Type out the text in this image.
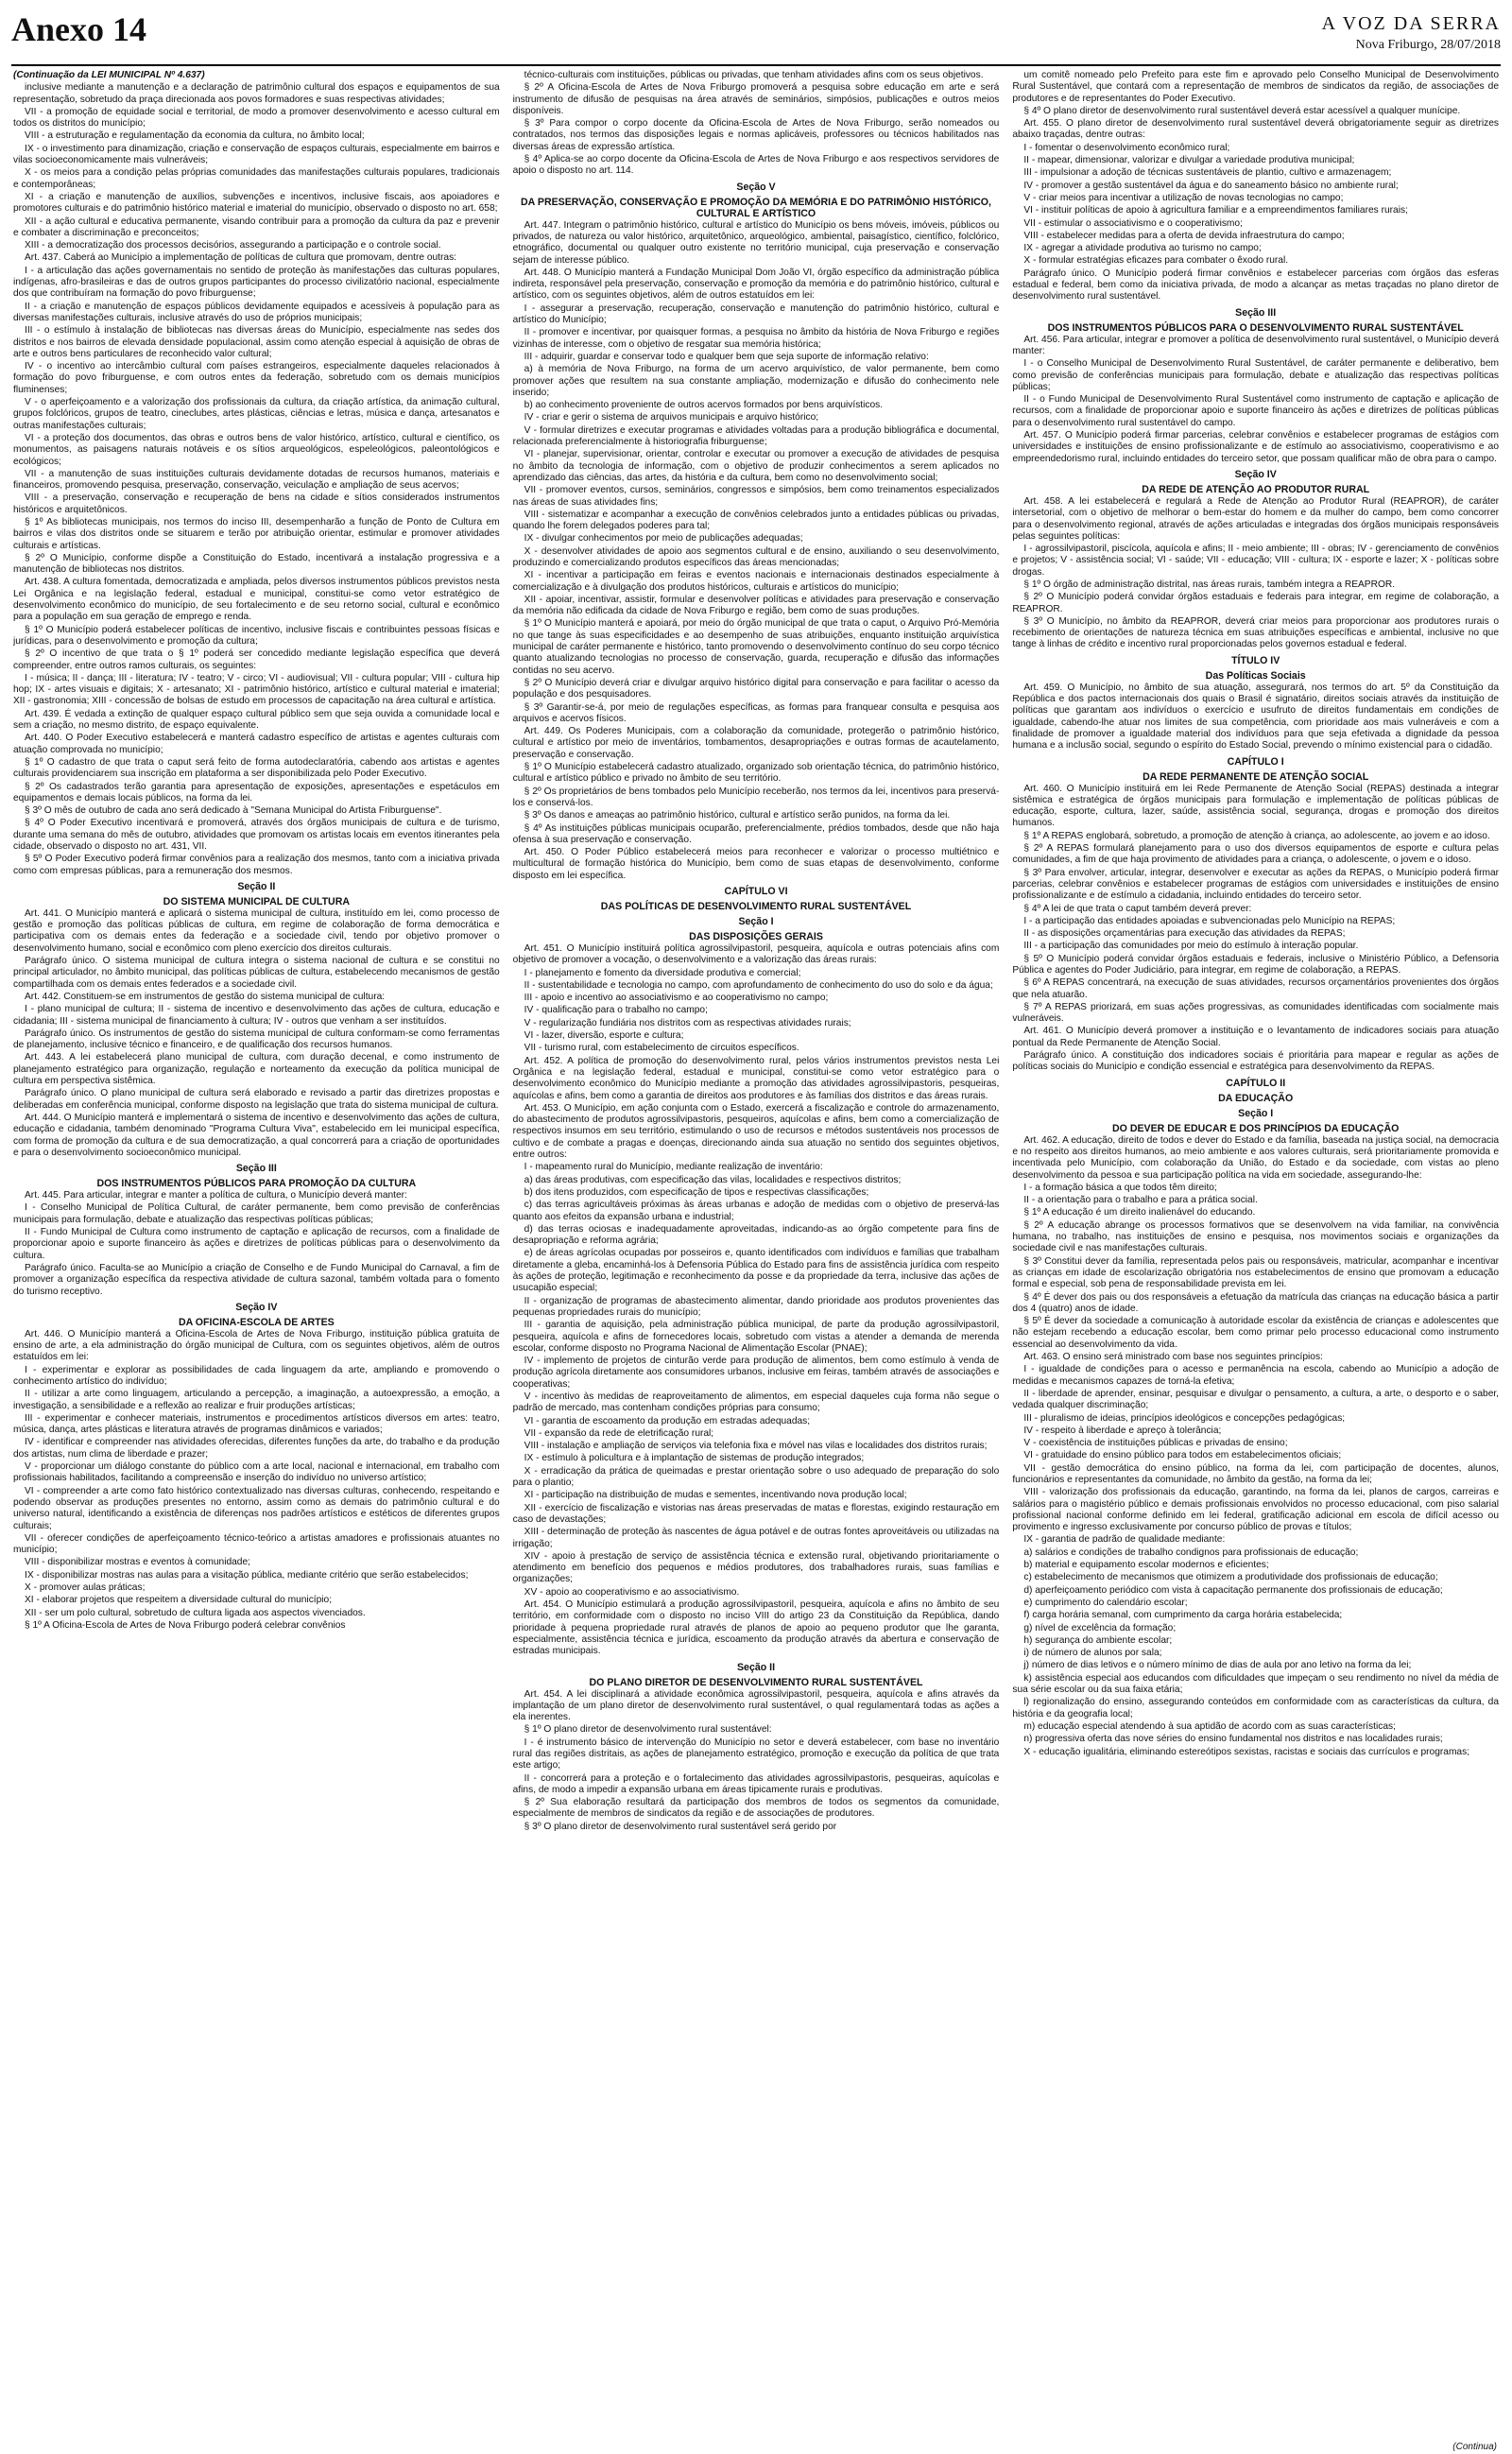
Anexo 14	A VOZ DA SERRA
Nova Friburgo, 28/07/2018

(Continuação da LEI MUNICIPAL Nº 4.637)

inclusive mediante a manutenção e a declaração de patrimônio cultural dos espaços e equipamentos de sua representação, sobretudo da praça direcionada aos povos formadores e suas respectivas atividades;

VII - a promoção de equidade social e territorial, de modo a promover desenvolvimento e acesso cultural em todos os distritos do município;

VIII - a estruturação e regulamentação da economia da cultura, no âmbito local;

IX - o investimento para dinamização, criação e conservação de espaços culturais, especialmente em bairros e vilas socioeconomicamente mais vulneráveis;

X - os meios para a condição pelas próprias comunidades das manifestações culturais populares, tradicionais e contemporâneas;

XI - a criação e manutenção de auxílios, subvenções e incentivos, inclusive fiscais, aos apoiadores e promotores culturais e do patrimônio histórico material e imaterial do município, observado o disposto no art. 658;

XII - a ação cultural e educativa permanente, visando contribuir para a promoção da cultura da paz e prevenir e combater a discriminação e preconceitos;

XIII - a democratização dos processos decisórios, assegurando a participação e o controle social.

Art. 437. Caberá ao Município a implementação de políticas de cultura que promovam, dentre outras:

I - a articulação das ações governamentais no sentido de proteção às manifestações das culturas populares, indígenas, afro-brasileiras e das de outros grupos participantes do processo civilizatório nacional, especialmente dos que contribuíram na formação do povo friburguense;

II - a criação e manutenção de espaços públicos devidamente equipados e acessíveis à população para as diversas manifestações culturais, inclusive através do uso de próprios municipais;

III - o estímulo à instalação de bibliotecas nas diversas áreas do Município, especialmente nas sedes dos distritos e nos bairros de elevada densidade populacional, assim como atenção especial à aquisição de obras de arte e outros bens particulares de reconhecido valor cultural;

IV - o incentivo ao intercâmbio cultural com países estrangeiros, especialmente daqueles relacionados à formação do povo friburguense, e com outros entes da federação, sobretudo com os demais municípios fluminenses;

V - o aperfeiçoamento e a valorização dos profissionais da cultura, da criação artística, da animação cultural, grupos folclóricos, grupos de teatro, cineclubes, artes plásticas, ciências e letras, música e dança, artesanatos e outras manifestações culturais;

VI - a proteção dos documentos, das obras e outros bens de valor histórico, artístico, cultural e científico, os monumentos, as paisagens naturais notáveis e os sítios arqueológicos, espeleológicos, paleontológicos e ecológicos;

VII - a manutenção de suas instituições culturais devidamente dotadas de recursos humanos, materiais e financeiros, promovendo pesquisa, preservação, conservação, veiculação e ampliação de seus acervos;

VIII - a preservação, conservação e recuperação de bens na cidade e sítios considerados instrumentos históricos e arquitetônicos.

§ 1º As bibliotecas municipais, nos termos do inciso III, desempenharão a função de Ponto de Cultura em bairros e vilas dos distritos onde se situarem e terão por atribuição orientar, estimular e promover atividades culturais e artísticas.

§ 2º O Município, conforme dispõe a Constituição do Estado, incentivará a instalação progressiva e a manutenção de bibliotecas nos distritos.

Art. 438. A cultura fomentada, democratizada e ampliada, pelos diversos instrumentos públicos previstos nesta Lei Orgânica e na legislação federal, estadual e municipal, constitui-se como vetor estratégico de desenvolvimento econômico do município, de seu fortalecimento e de seu retorno social, cultural e econômico para a população em sua geração de emprego e renda.

§ 1º O Município poderá estabelecer políticas de incentivo, inclusive fiscais e contribuintes pessoas físicas e jurídicas, para o desenvolvimento e promoção da cultura;

§ 2º O incentivo de que trata o § 1º poderá ser concedido mediante legislação específica que deverá compreender, entre outros ramos culturais, os seguintes:

I - música; II - dança; III - literatura; IV - teatro; V - circo; VI - audiovisual; VII - cultura popular; VIII - cultura hip hop; IX - artes visuais e digitais; X - artesanato; XI - patrimônio histórico, artístico e cultural material e imaterial; XII - gastronomia; XIII - concessão de bolsas de estudo em processos de capacitação na área cultural e artística.

Art. 439. É vedada a extinção de qualquer espaço cultural público sem que seja ouvida a comunidade local e sem a criação, no mesmo distrito, de espaço equivalente.

Art. 440. O Poder Executivo estabelecerá e manterá cadastro específico de artistas e agentes culturais com atuação comprovada no município;

§ 1º O cadastro de que trata o caput será feito de forma autodeclaratória, cabendo aos artistas e agentes culturais providenciarem sua inscrição em plataforma a ser disponibilizada pelo Poder Executivo.

§ 2º Os cadastrados terão garantia para apresentação de exposições, apresentações e espetáculos em equipamentos e demais locais públicos, na forma da lei.

§ 3º O mês de outubro de cada ano será dedicado à "Semana Municipal do Artista Friburguense".

§ 4º O Poder Executivo incentivará e promoverá, através dos órgãos municipais de cultura e de turismo, durante uma semana do mês de outubro, atividades que promovam os artistas locais em eventos itinerantes pela cidade, observado o disposto no art. 431, VII.

§ 5º O Poder Executivo poderá firmar convênios para a realização dos mesmos, tanto com a iniciativa privada como com empresas públicas, para a remuneração dos mesmos.

Seção II
DO SISTEMA MUNICIPAL DE CULTURA

Art. 441. O Município manterá e aplicará o sistema municipal de cultura, instituído em lei, como processo de gestão e promoção das políticas públicas de cultura, em regime de colaboração de forma democrática e participativa com os demais entes da federação e a sociedade civil, tendo por objetivo promover o desenvolvimento humano, social e econômico com pleno exercício dos direitos culturais.

Parágrafo único. O sistema municipal de cultura integra o sistema nacional de cultura e se constitui no principal articulador, no âmbito municipal, das políticas públicas de cultura, estabelecendo mecanismos de gestão compartilhada com os demais entes federados e a sociedade civil.

Art. 442. Constituem-se em instrumentos de gestão do sistema municipal de cultura:

I - plano municipal de cultura; II - sistema de incentivo e desenvolvimento das ações de cultura, educação e cidadania; III - sistema municipal de financiamento à cultura; IV - outros que venham a ser instituídos.

Parágrafo único. Os instrumentos de gestão do sistema municipal de cultura conformam-se como ferramentas de planejamento, inclusive técnico e financeiro, e de qualificação dos recursos humanos.

Art. 443. A lei estabelecerá plano municipal de cultura, com duração decenal, e como instrumento de planejamento estratégico para organização, regulação e norteamento da execução da política municipal de cultura em perspectiva sistêmica.

Parágrafo único. O plano municipal de cultura será elaborado e revisado a partir das diretrizes propostas e deliberadas em conferência municipal, conforme disposto na legislação que trata do sistema municipal de cultura.

Art. 444. O Município manterá e implementará o sistema de incentivo e desenvolvimento das ações de cultura, educação e cidadania, também denominado "Programa Cultura Viva", estabelecido em lei municipal específica, com forma de promoção da cultura e de sua democratização, a qual concorrerá para a criação de oportunidades e para o desenvolvimento socioeconômico municipal.

Seção III
DOS INSTRUMENTOS PÚBLICOS PARA PROMOÇÃO DA CULTURA

Art. 445. Para articular, integrar e manter a política de cultura, o Município deverá manter:

I - Conselho Municipal de Política Cultural, de caráter permanente, bem como previsão de conferências municipais para formulação, debate e atualização das respectivas políticas públicas;

II - Fundo Municipal de Cultura como instrumento de captação e aplicação de recursos, com a finalidade de proporcionar apoio e suporte financeiro às ações e diretrizes de políticas públicas para o desenvolvimento da cultura.

Parágrafo único. Faculta-se ao Município a criação de Conselho e de Fundo Municipal do Carnaval, a fim de promover a organização específica da respectiva atividade de cultura sazonal, também voltada para o fomento do turismo receptivo.

Seção IV
DA OFICINA-ESCOLA DE ARTES

Art. 446. O Município manterá a Oficina-Escola de Artes de Nova Friburgo, instituição pública gratuita de ensino de arte, a ela administração do órgão municipal de Cultura, com os seguintes objetivos, além de outros estatuídos em lei:

I - experimentar e explorar as possibilidades de cada linguagem da arte, ampliando e promovendo o conhecimento artístico do indivíduo;

II - utilizar a arte como linguagem, articulando a percepção, a imaginação, a autoexpressão, a emoção, a investigação, a sensibilidade e a reflexão ao realizar e fruir produções artísticas;

III - experimentar e conhecer materiais, instrumentos e procedimentos artísticos diversos em artes: teatro, música, dança, artes plásticas e literatura através de programas dinâmicos e variados;

IV - identificar e compreender nas atividades oferecidas, diferentes funções da arte, do trabalho e da produção dos artistas, num clima de liberdade e prazer;

V - proporcionar um diálogo constante do público com a arte local, nacional e internacional, em trabalho com profissionais habilitados, facilitando a compreensão e inserção do indivíduo no universo artístico;

VI - compreender a arte como fato histórico contextualizado nas diversas culturas, conhecendo, respeitando e podendo observar as produções presentes no entorno, assim como as demais do patrimônio cultural e do universo natural, identificando a existência de diferenças nos padrões artísticos e estéticos de diferentes grupos culturais;

VII - oferecer condições de aperfeiçoamento técnico-teórico a artistas amadores e profissionais atuantes no município;

VIII - disponibilizar mostras e eventos à comunidade;

IX - disponibilizar mostras nas aulas para a visitação pública, mediante critério que serão estabelecidos;

X - promover aulas práticas;

XI - elaborar projetos que respeitem a diversidade cultural do município;

XII - ser um polo cultural, sobretudo de cultura ligada aos aspectos vivenciados.

§ 1º A Oficina-Escola de Artes de Nova Friburgo poderá celebrar convênios

técnico-culturais com instituições, públicas ou privadas, que tenham atividades afins com os seus objetivos.

§ 2º A Oficina-Escola de Artes de Nova Friburgo promoverá a pesquisa sobre educação em arte e será instrumento de difusão de pesquisas na área através de seminários, simpósios, publicações e outros meios disponíveis.

§ 3º Para compor o corpo docente da Oficina-Escola de Artes de Nova Friburgo, serão nomeados ou contratados, nos termos das disposições legais e normas aplicáveis, professores ou técnicos habilitados nas diversas áreas de expressão artística.

§ 4º Aplica-se ao corpo docente da Oficina-Escola de Artes de Nova Friburgo e aos respectivos servidores de apoio o disposto no art. 114.

Seção V
DA PRESERVAÇÃO, CONSERVAÇÃO E PROMOÇÃO DA MEMÓRIA E DO PATRIMÔNIO HISTÓRICO, CULTURAL E ARTÍSTICO

Art. 447. Integram o patrimônio histórico, cultural e artístico do Município os bens móveis, imóveis, públicos ou privados, de natureza ou valor histórico, arquitetônico, arqueológico, ambiental, paisagístico, científico, folclórico, etnográfico, documental ou qualquer outro existente no território municipal, cuja preservação e conservação sejam de interesse público.

Art. 448. O Município manterá a Fundação Municipal Dom João VI, órgão específico da administração pública indireta, responsável pela preservação, conservação e promoção da memória e do patrimônio histórico, cultural e artístico, com os seguintes objetivos, além de outros estatuídos em lei:

I - assegurar a preservação, recuperação, conservação e manutenção do patrimônio histórico, cultural e artístico do Município;

II - promover e incentivar, por quaisquer formas, a pesquisa no âmbito da história de Nova Friburgo e regiões vizinhas de interesse, com o objetivo de resgatar sua memória histórica;

III - adquirir, guardar e conservar todo e qualquer bem que seja suporte de informação relativo:

a) à memória de Nova Friburgo, na forma de um acervo arquivístico, de valor permanente, bem como promover ações que resultem na sua constante ampliação, modernização e difusão do conhecimento nele inserido;

b) ao conhecimento proveniente de outros acervos formados por bens arquivísticos.

IV - criar e gerir o sistema de arquivos municipais e arquivo histórico;

V - formular diretrizes e executar programas e atividades voltadas para a produção bibliográfica e documental, relacionada preferencialmente à historiografia friburguense;

VI - planejar, supervisionar, orientar, controlar e executar ou promover a execução de atividades de pesquisa no âmbito da tecnologia de informação, com o objetivo de produzir conhecimentos a serem aplicados no aprendizado das ciências, das artes, da história e da cultura, bem como no desenvolvimento social;

VII - promover eventos, cursos, seminários, congressos e simpósios, bem como treinamentos especializados nas áreas de suas atividades fins;

VIII - sistematizar e acompanhar a execução de convênios celebrados junto a entidades públicas ou privadas, quando lhe forem delegados poderes para tal;

IX - divulgar conhecimentos por meio de publicações adequadas;

X - desenvolver atividades de apoio aos segmentos cultural e de ensino, auxiliando o seu desenvolvimento, produzindo e comercializando produtos específicos das áreas mencionadas;

XI - incentivar a participação em feiras e eventos nacionais e internacionais destinados especialmente à comercialização e à divulgação dos produtos históricos, culturais e artísticos do município;

XII - apoiar, incentivar, assistir, formular e desenvolver políticas e atividades para preservação e conservação da memória não edificada da cidade de Nova Friburgo e região, bem como de suas produções.

§ 1º O Município manterá e apoiará, por meio do órgão municipal de que trata o caput, o Arquivo Pró-Memória no que tange às suas especificidades e ao desempenho de suas atribuições, enquanto instituição arquivística municipal de caráter permanente e histórico, tanto promovendo o desenvolvimento contínuo do seu corpo técnico quanto atualizando tecnologias no processo de conservação, guarda, recuperação e difusão das informações contidas no seu acervo.

§ 2º O Município deverá criar e divulgar arquivo histórico digital para conservação e para facilitar o acesso da população e dos pesquisadores.

§ 3º Garantir-se-á, por meio de regulações específicas, as formas para franquear consulta e pesquisa aos arquivos e acervos físicos.

Art. 449. Os Poderes Municipais, com a colaboração da comunidade, protegerão o patrimônio histórico, cultural e artístico por meio de inventários, tombamentos, desapropriações e outras formas de acautelamento, preservação e conservação.

§ 1º O Município estabelecerá cadastro atualizado, organizado sob orientação técnica, do patrimônio histórico, cultural e artístico público e privado no âmbito de seu território.

§ 2º Os proprietários de bens tombados pelo Município receberão, nos termos da lei, incentivos para preservá-los e conservá-los.

§ 3º Os danos e ameaças ao patrimônio histórico, cultural e artístico serão punidos, na forma da lei.

§ 4º As instituições públicas municipais ocuparão, preferencialmente, prédios tombados, desde que não haja ofensa à sua preservação e conservação.

Art. 450. O Poder Público estabelecerá meios para reconhecer e valorizar o processo multiétnico e multicultural de formação histórica do Município, bem como de suas etapas de desenvolvimento, conforme disposto em lei específica.

CAPÍTULO VI
DAS POLÍTICAS DE DESENVOLVIMENTO RURAL SUSTENTÁVEL
Seção I
DAS DISPOSIÇÕES GERAIS

Art. 451. O Município instituirá política agrossilvipastoril, pesqueira, aquícola e outras potenciais afins com objetivo de promover a vocação, o desenvolvimento e a valorização das áreas rurais:

I - planejamento e fomento da diversidade produtiva e comercial;

II - sustentabilidade e tecnologia no campo, com aprofundamento de conhecimento do uso do solo e da água;

III - apoio e incentivo ao associativismo e ao cooperativismo no campo;

IV - qualificação para o trabalho no campo;

V - regularização fundiária nos distritos com as respectivas atividades rurais;

VI - lazer, diversão, esporte e cultura;

VII - turismo rural, com estabelecimento de circuitos específicos.

Art. 452. A política de promoção do desenvolvimento rural, pelos vários instrumentos previstos nesta Lei Orgânica e na legislação federal, estadual e municipal, constitui-se como vetor estratégico para o desenvolvimento econômico do Município mediante a promoção das atividades agrossilvipastoris, pesqueiras, aquícolas e afins, bem como a garantia de direitos aos produtores e às famílias dos distritos e das áreas rurais.

Art. 453. O Município, em ação conjunta com o Estado, exercerá a fiscalização e controle do armazenamento, do abastecimento de produtos agrossilvipastoris, pesqueiros, aquícolas e afins, bem como a comercialização de respectivos insumos em seu território, estimulando o uso de recursos e métodos sustentáveis nos processos de cultivo e de combate a pragas e doenças, direcionando ainda sua atuação no sentido dos seguintes objetivos, entre outros:

I - mapeamento rural do Município, mediante realização de inventário:

a) das áreas produtivas, com especificação das vilas, localidades e respectivos distritos;

b) dos itens produzidos, com especificação de tipos e respectivas classificações;

c) das terras agricultáveis próximas às áreas urbanas e adoção de medidas com o objetivo de preservá-las quanto aos efeitos da expansão urbana e industrial;

d) das terras ociosas e inadequadamente aproveitadas, indicando-as ao órgão competente para fins de desapropriação e reforma agrária;

e) de áreas agrícolas ocupadas por posseiros e, quanto identificados com indivíduos e famílias que trabalham diretamente a gleba, encaminhá-los à Defensoria Pública do Estado para fins de assistência jurídica com respeito às ações de proteção, legitimação e reconhecimento da posse e da propriedade da terra, inclusive das ações de usucapião especial;

II - organização de programas de abastecimento alimentar, dando prioridade aos produtos provenientes das pequenas propriedades rurais do município;

III - garantia de aquisição, pela administração pública municipal, de parte da produção agrossilvipastoril, pesqueira, aquícola e afins de fornecedores locais, sobretudo com vistas a atender a demanda de merenda escolar, conforme disposto no Programa Nacional de Alimentação Escolar (PNAE);

IV - implemento de projetos de cinturão verde para produção de alimentos, bem como estímulo à venda de produção agrícola diretamente aos consumidores urbanos, inclusive em feiras, também através de associações e cooperativas;

V - incentivo às medidas de reaproveitamento de alimentos, em especial daqueles cuja forma não segue o padrão de mercado, mas contenham condições próprias para consumo;

VI - garantia de escoamento da produção em estradas adequadas;

VII - expansão da rede de eletrificação rural;

VIII - instalação e ampliação de serviços via telefonia fixa e móvel nas vilas e localidades dos distritos rurais;

IX - estímulo à policultura e à implantação de sistemas de produção integrados;

X - erradicação da prática de queimadas e prestar orientação sobre o uso adequado de preparação do solo para o plantio;

XI - participação na distribuição de mudas e sementes, incentivando nova produção local;

XII - exercício de fiscalização e vistorias nas áreas preservadas de matas e florestas, exigindo restauração em caso de devastações;

XIII - determinação de proteção às nascentes de água potável e de outras fontes aproveitáveis ou utilizadas na irrigação;

XIV - apoio à prestação de serviço de assistência técnica e extensão rural, objetivando prioritariamente o atendimento em benefício dos pequenos e médios produtores, dos trabalhadores rurais, suas famílias e organizações;

XV - apoio ao cooperativismo e ao associativismo.

Art. 454. O Município estimulará a produção agrossilvipastoril, pesqueira, aquícola e afins no âmbito de seu território, em conformidade com o disposto no inciso VIII do artigo 23 da Constituição da República, dando prioridade à pequena propriedade rural através de planos de apoio ao pequeno produtor que lhe garanta, especialmente, assistência técnica e jurídica, escoamento da produção através da abertura e conservação de estradas municipais.

Seção II
DO PLANO DIRETOR DE DESENVOLVIMENTO RURAL SUSTENTÁVEL

Art. 454. A lei disciplinará a atividade econômica agrossilvipastoril, pesqueira, aquícola e afins através da implantação de um plano diretor de desenvolvimento rural sustentável, o qual regulamentará todas as ações a ela inerentes.

§ 1º O plano diretor de desenvolvimento rural sustentável:

I - é instrumento básico de intervenção do Município no setor e deverá estabelecer, com base no inventário rural das regiões distritais, as ações de planejamento estratégico, promoção e execução da política de que trata este artigo;

II - concorrerá para a proteção e o fortalecimento das atividades agrossilvipastoris, pesqueiras, aquícolas e afins, de modo a impedir a expansão urbana em áreas tipicamente rurais e produtivas.

§ 2º Sua elaboração resultará da participação dos membros de todos os segmentos da comunidade, especialmente de membros de sindicatos da região e de associações de produtores.

§ 3º O plano diretor de desenvolvimento rural sustentável será gerido por

um comitê nomeado pelo Prefeito para este fim e aprovado pelo Conselho Municipal de Desenvolvimento Rural Sustentável, que contará com a representação de membros de sindicatos da região, de associações de produtores e de representantes do Poder Executivo.

§ 4º O plano diretor de desenvolvimento rural sustentável deverá estar acessível a qualquer munícipe.

Art. 455. O plano diretor de desenvolvimento rural sustentável deverá obrigatoriamente seguir as diretrizes abaixo traçadas, dentre outras:

I - fomentar o desenvolvimento econômico rural;

II - mapear, dimensionar, valorizar e divulgar a variedade produtiva municipal;

III - impulsionar a adoção de técnicas sustentáveis de plantio, cultivo e armazenagem;

IV - promover a gestão sustentável da água e do saneamento básico no ambiente rural;

V - criar meios para incentivar a utilização de novas tecnologias no campo;

VI - instituir políticas de apoio à agricultura familiar e a empreendimentos familiares rurais;

VII - estimular o associativismo e o cooperativismo;

VIII - estabelecer medidas para a oferta de devida infraestrutura do campo;

IX - agregar a atividade produtiva ao turismo no campo;

X - formular estratégias eficazes para combater o êxodo rural.

Parágrafo único. O Município poderá firmar convênios e estabelecer parcerias com órgãos das esferas estadual e federal, bem como da iniciativa privada, de modo a alcançar as metas traçadas no plano diretor de desenvolvimento rural sustentável.

Seção III
DOS INSTRUMENTOS PÚBLICOS PARA O DESENVOLVIMENTO RURAL SUSTENTÁVEL

Art. 456. Para articular, integrar e promover a política de desenvolvimento rural sustentável, o Município deverá manter:

I - o Conselho Municipal de Desenvolvimento Rural Sustentável, de caráter permanente e deliberativo, bem como previsão de conferências municipais para formulação, debate e atualização das respectivas políticas públicas;

II - o Fundo Municipal de Desenvolvimento Rural Sustentável como instrumento de captação e aplicação de recursos, com a finalidade de proporcionar apoio e suporte financeiro às ações e diretrizes de políticas públicas para o desenvolvimento rural sustentável do campo.

Art. 457. O Município poderá firmar parcerias, celebrar convênios e estabelecer programas de estágios com universidades e instituições de ensino profissionalizante e de estímulo ao associativismo, cooperativismo e ao empreendedorismo rural, incluindo entidades do terceiro setor, que possam qualificar mão de obra para o campo.

Seção IV
DA REDE DE ATENÇÃO AO PRODUTOR RURAL

Art. 458. A lei estabelecerá e regulará a Rede de Atenção ao Produtor Rural (REAPROR), de caráter intersetorial, com o objetivo de melhorar o bem-estar do homem e da mulher do campo, bem como concorrer para o desenvolvimento regional, através de ações articuladas e integradas dos órgãos municipais responsáveis pelas seguintes políticas:

I - agrossilvipastoril, piscícola, aquícola e afins; II - meio ambiente; III - obras; IV - gerenciamento de convênios e projetos; V - assistência social; VI - saúde; VII - educação; VIII - cultura; IX - esporte e lazer; X - políticas sobre drogas.

§ 1º O órgão de administração distrital, nas áreas rurais, também integra a REAPROR.

§ 2º O Município poderá convidar órgãos estaduais e federais para integrar, em regime de colaboração, a REAPROR.

§ 3º O Município, no âmbito da REAPROR, deverá criar meios para proporcionar aos produtores rurais o recebimento de orientações de natureza técnica em suas atribuições específicas e ambiental, inclusive no que tange à linhas de crédito e incentivo rural proporcionadas pelos governos estadual e federal.

TÍTULO IV
Das Políticas Sociais

Art. 459. O Município, no âmbito de sua atuação, assegurará, nos termos do art. 5º da Constituição da República e dos pactos internacionais dos quais o Brasil é signatário, direitos sociais através da instituição de políticas que garantam aos indivíduos o exercício e usufruto de direitos fundamentais em condições de igualdade, cabendo-lhe atuar nos limites de sua competência, com prioridade aos mais vulneráveis e com a finalidade de promover a igualdade material dos indivíduos para que seja efetivada a dignidade da pessoa humana e a inclusão social, segundo o espírito do Estado Social, prevendo o mínimo existencial para o cidadão.

CAPÍTULO I
DA REDE PERMANENTE DE ATENÇÃO SOCIAL

Art. 460. O Município instituirá em lei Rede Permanente de Atenção Social (REPAS) destinada a integrar sistêmica e estratégica de órgãos municipais para formulação e implementação de políticas públicas de educação, esporte, cultura, lazer, saúde, assistência social, segurança, drogas e promoção dos direitos humanos.

§ 1º A REPAS englobará, sobretudo, a promoção de atenção à criança, ao adolescente, ao jovem e ao idoso.

§ 2º A REPAS formulará planejamento para o uso dos diversos equipamentos de esporte e cultura pelas comunidades, a fim de que haja provimento de atividades para a criança, o adolescente, o jovem e o idoso.

§ 3º Para envolver, articular, integrar, desenvolver e executar as ações da REPAS, o Município poderá firmar parcerias, celebrar convênios e estabelecer programas de estágios com universidades e instituições de ensino profissionalizante e de estímulo a cidadania, incluindo entidades do terceiro setor.

§ 4º A lei de que trata o caput também deverá prever:

I - a participação das entidades apoiadas e subvencionadas pelo Município na REPAS;

II - as disposições orçamentárias para execução das atividades da REPAS;

III - a participação das comunidades por meio do estímulo à interação popular.

§ 5º O Município poderá convidar órgãos estaduais e federais, inclusive o Ministério Público, a Defensoria Pública e agentes do Poder Judiciário, para integrar, em regime de colaboração, a REPAS.

§ 6º A REPAS concentrará, na execução de suas atividades, recursos orçamentários provenientes dos órgãos que nela atuarão.

§ 7º A REPAS priorizará, em suas ações progressivas, as comunidades identificadas com socialmente mais vulneráveis.

Art. 461. O Município deverá promover a instituição e o levantamento de indicadores sociais para atuação pontual da Rede Permanente de Atenção Social.

Parágrafo único. A constituição dos indicadores sociais é prioritária para mapear e regular as ações de políticas sociais do Município e condição essencial e estratégica para desenvolvimento da REPAS.

CAPÍTULO II
DA EDUCAÇÃO
Seção I
DO DEVER DE EDUCAR E DOS PRINCÍPIOS DA EDUCAÇÃO

Art. 462. A educação, direito de todos e dever do Estado e da família, baseada na justiça social, na democracia e no respeito aos direitos humanos, ao meio ambiente e aos valores culturais, será prioritariamente promovida e incentivada pelo Município, com colaboração da União, do Estado e da sociedade, com vistas ao pleno desenvolvimento da pessoa e sua participação política na vida em sociedade, assegurando-lhe:

I - a formação básica a que todos têm direito;

II - a orientação para o trabalho e para a prática social.

§ 1º A educação é um direito inalienável do educando.

§ 2º A educação abrange os processos formativos que se desenvolvem na vida familiar, na convivência humana, no trabalho, nas instituições de ensino e pesquisa, nos movimentos sociais e organizações da sociedade civil e nas manifestações culturais.

§ 3º Constitui dever da família, representada pelos pais ou responsáveis, matricular, acompanhar e incentivar as crianças em idade de escolarização obrigatória nos estabelecimentos de ensino que promovam a educação formal e especial, sob pena de responsabilidade prevista em lei.

§ 4º É dever dos pais ou dos responsáveis a efetuação da matrícula das crianças na educação básica a partir dos 4 (quatro) anos de idade.

§ 5º É dever da sociedade a comunicação à autoridade escolar da existência de crianças e adolescentes que não estejam recebendo a educação escolar, bem como primar pelo processo educacional como instrumento essencial ao desenvolvimento da vida.

Art. 463. O ensino será ministrado com base nos seguintes princípios:

I - igualdade de condições para o acesso e permanência na escola, cabendo ao Município a adoção de medidas e mecanismos capazes de torná-la efetiva;

II - liberdade de aprender, ensinar, pesquisar e divulgar o pensamento, a cultura, a arte, o desporto e o saber, vedada qualquer discriminação;

III - pluralismo de ideias, princípios ideológicos e concepções pedagógicas;

IV - respeito à liberdade e apreço à tolerância;

V - coexistência de instituições públicas e privadas de ensino;

VI - gratuidade do ensino público para todos em estabelecimentos oficiais;

VII - gestão democrática do ensino público, na forma da lei, com participação de docentes, alunos, funcionários e representantes da comunidade, no âmbito da gestão, na forma da lei;

VIII - valorização dos profissionais da educação, garantindo, na forma da lei, planos de cargos, carreiras e salários para o magistério público e demais profissionais envolvidos no processo educacional, com piso salarial profissional nacional conforme definido em lei federal, gratificação adicional em escola de difícil acesso ou provimento e ingresso exclusivamente por concurso público de provas e títulos;

IX - garantia de padrão de qualidade mediante:

a) salários e condições de trabalho condignos para profissionais de educação;

b) material e equipamento escolar modernos e eficientes;

c) estabelecimento de mecanismos que otimizem a produtividade dos profissionais de educação;

d) aperfeiçoamento periódico com vista à capacitação permanente dos profissionais de educação;

e) cumprimento do calendário escolar;

f) carga horária semanal, com cumprimento da carga horária estabelecida;

g) nível de excelência da formação;

h) segurança do ambiente escolar;

i) de número de alunos por sala;

j) número de dias letivos e o número mínimo de dias de aula por ano letivo na forma da lei;

k) assistência especial aos educandos com dificuldades que impeçam o seu rendimento no nível da média de sua série escolar ou da sua faixa etária;

l) regionalização do ensino, assegurando conteúdos em conformidade com as características da cultura, da história e da geografia local;

m) educação especial atendendo à sua aptidão de acordo com as suas características;

n) progressiva oferta das nove séries do ensino fundamental nos distritos e nas localidades rurais;

X - educação igualitária, eliminando estereótipos sexistas, racistas e sociais das currículos e programas;

(Continua)
